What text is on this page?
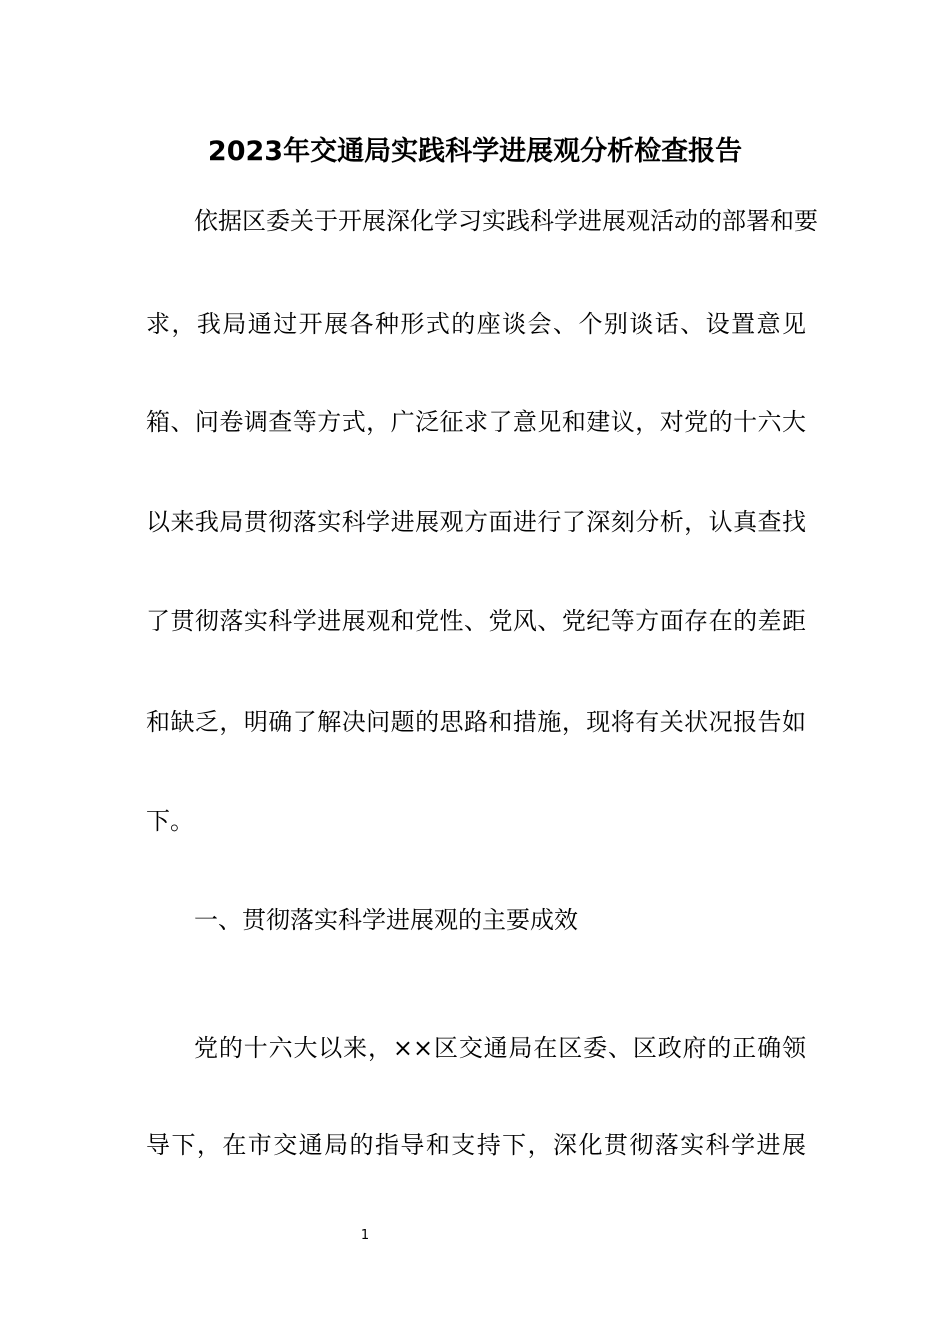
2023年交通局实践科学进展观分析检查报告
依据区委关于开展深化学习实践科学进展观活动的部署和要
求，我局通过开展各种形式的座谈会、个别谈话、设置意见
箱、问卷调查等方式，广泛征求了意见和建议，对党的十六大
以来我局贯彻落实科学进展观方面进行了深刻分析，认真查找
了贯彻落实科学进展观和党性、党风、党纪等方面存在的差距
和缺乏，明确了解决问题的思路和措施，现将有关状况报告如
下。
一、贯彻落实科学进展观的主要成效
党的十六大以来，××区交通局在区委、区政府的正确领
导下，在市交通局的指导和支持下，深化贯彻落实科学进展
1
